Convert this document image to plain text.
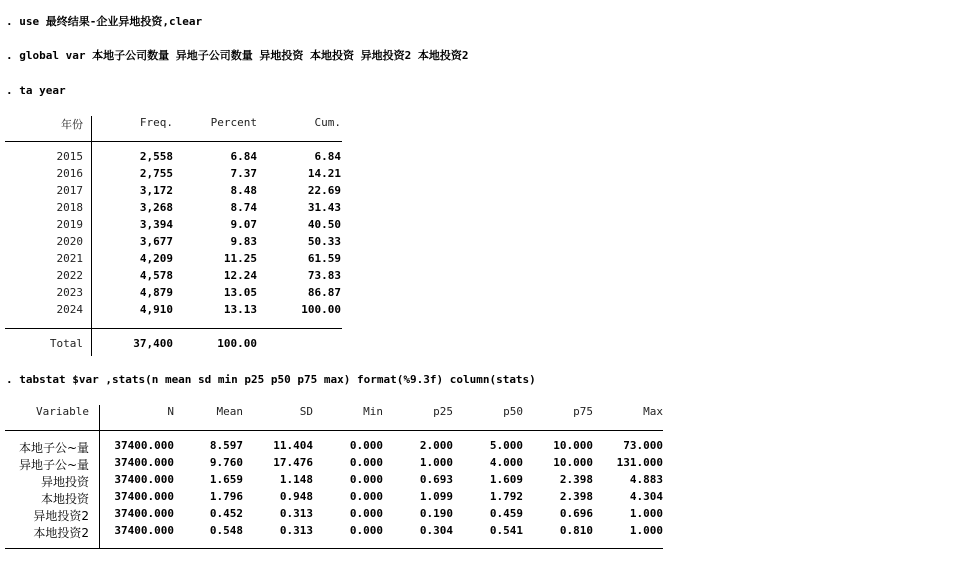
. use 最终结果-企业异地投资,clear
. global var 本地子公司数量 异地子公司数量 异地投资 本地投资 异地投资2 本地投资2
. ta year
年份	Freq.	Percent	Cum.
2015	2,558	6.84	6.84
2016	2,755	7.37	14.21
2017	3,172	8.48	22.69
2018	3,268	8.74	31.43
2019	3,394	9.07	40.50
2020	3,677	9.83	50.33
2021	4,209	11.25	61.59
2022	4,578	12.24	73.83
2023	4,879	13.05	86.87
2024	4,910	13.13	100.00
Total	37,400	100.00
. tabstat $var ,stats(n mean sd min p25 p50 p75 max) format(%9.3f) column(stats)
Variable	N	Mean	SD	Min	p25	p50	p75	Max
本地子公~量	37400.000	8.597	11.404	0.000	2.000	5.000	10.000	73.000
异地子公~量	37400.000	9.760	17.476	0.000	1.000	4.000	10.000	131.000
异地投资	37400.000	1.659	1.148	0.000	0.693	1.609	2.398	4.883
本地投资	37400.000	1.796	0.948	0.000	1.099	1.792	2.398	4.304
异地投资2	37400.000	0.452	0.313	0.000	0.190	0.459	0.696	1.000
本地投资2	37400.000	0.548	0.313	0.000	0.304	0.541	0.810	1.000
